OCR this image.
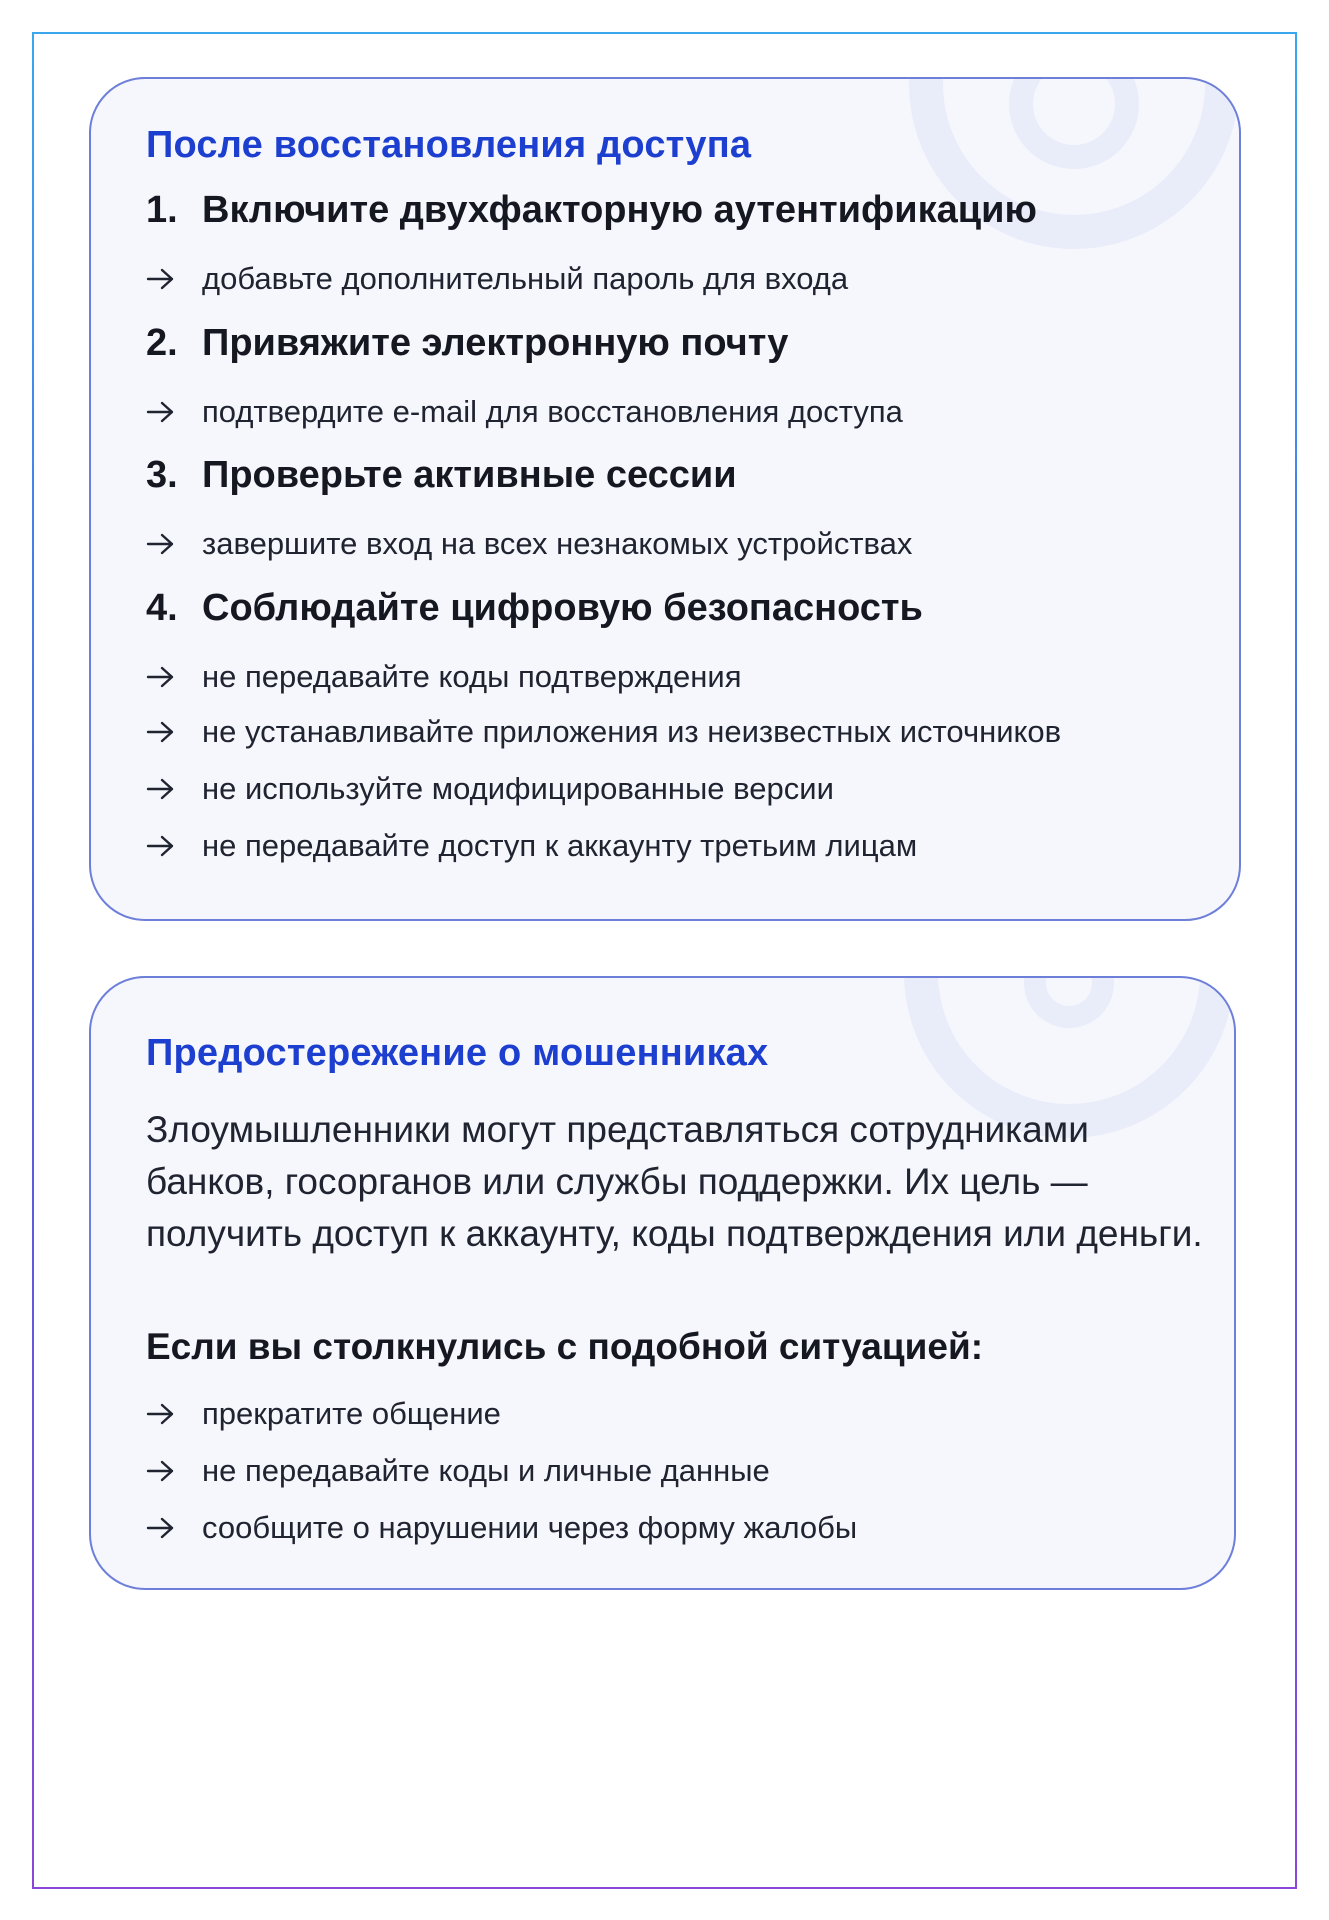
После восстановления доступа
1. Включите двухфакторную аутентификацию
добавьте дополнительный пароль для входа
2. Привяжите электронную почту
подтвердите e-mail для восстановления доступа
3. Проверьте активные сессии
завершите вход на всех незнакомых устройствах
4. Соблюдайте цифровую безопасность
не передавайте коды подтверждения
не устанавливайте приложения из неизвестных источников
не используйте модифицированные версии
не передавайте доступ к аккаунту третьим лицам
Предостережение о мошенниках
Злоумышленники могут представляться сотрудниками банков, госорганов или службы поддержки. Их цель — получить доступ к аккаунту, коды подтверждения или деньги.
Если вы столкнулись с подобной ситуацией:
прекратите общение
не передавайте коды и личные данные
сообщите о нарушении через форму жалобы
